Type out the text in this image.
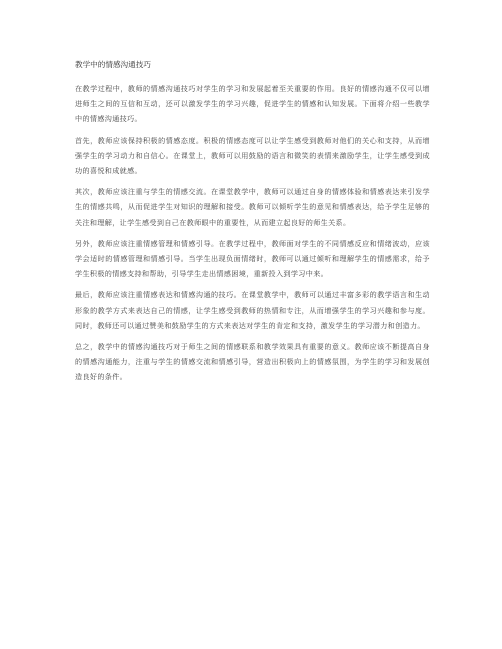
教学中的情感沟通技巧

在教学过程中，教师的情感沟通技巧对学生的学习和发展起着至关重要的作用。良好的情感沟通不仅可以增进师生之间的互信和互动，还可以激发学生的学习兴趣，促进学生的情感和认知发展。下面将介绍一些教学中的情感沟通技巧。

首先，教师应该保持积极的情感态度。积极的情感态度可以让学生感受到教师对他们的关心和支持，从而增强学生的学习动力和自信心。在课堂上，教师可以用鼓励的语言和微笑的表情来激励学生，让学生感受到成功的喜悦和成就感。

其次，教师应该注重与学生的情感交流。在课堂教学中，教师可以通过自身的情感体验和情感表达来引发学生的情感共鸣，从而促进学生对知识的理解和接受。教师可以倾听学生的意见和情感表达，给予学生足够的关注和理解，让学生感受到自己在教师眼中的重要性，从而建立起良好的师生关系。

另外，教师应该注重情感管理和情感引导。在教学过程中，教师面对学生的不同情感反应和情绪波动，应该学会适时的情感管理和情感引导。当学生出现负面情绪时，教师可以通过倾听和理解学生的情感需求，给予学生积极的情感支持和帮助，引导学生走出情感困境，重新投入到学习中来。

最后，教师应该注重情感表达和情感沟通的技巧。在课堂教学中，教师可以通过丰富多彩的教学语言和生动形象的教学方式来表达自己的情感，让学生感受到教师的热情和专注，从而增强学生的学习兴趣和参与度。同时，教师还可以通过赞美和鼓励学生的方式来表达对学生的肯定和支持，激发学生的学习潜力和创造力。

总之，教学中的情感沟通技巧对于师生之间的情感联系和教学效果具有重要的意义。教师应该不断提高自身的情感沟通能力，注重与学生的情感交流和情感引导，营造出积极向上的情感氛围，为学生的学习和发展创造良好的条件。
